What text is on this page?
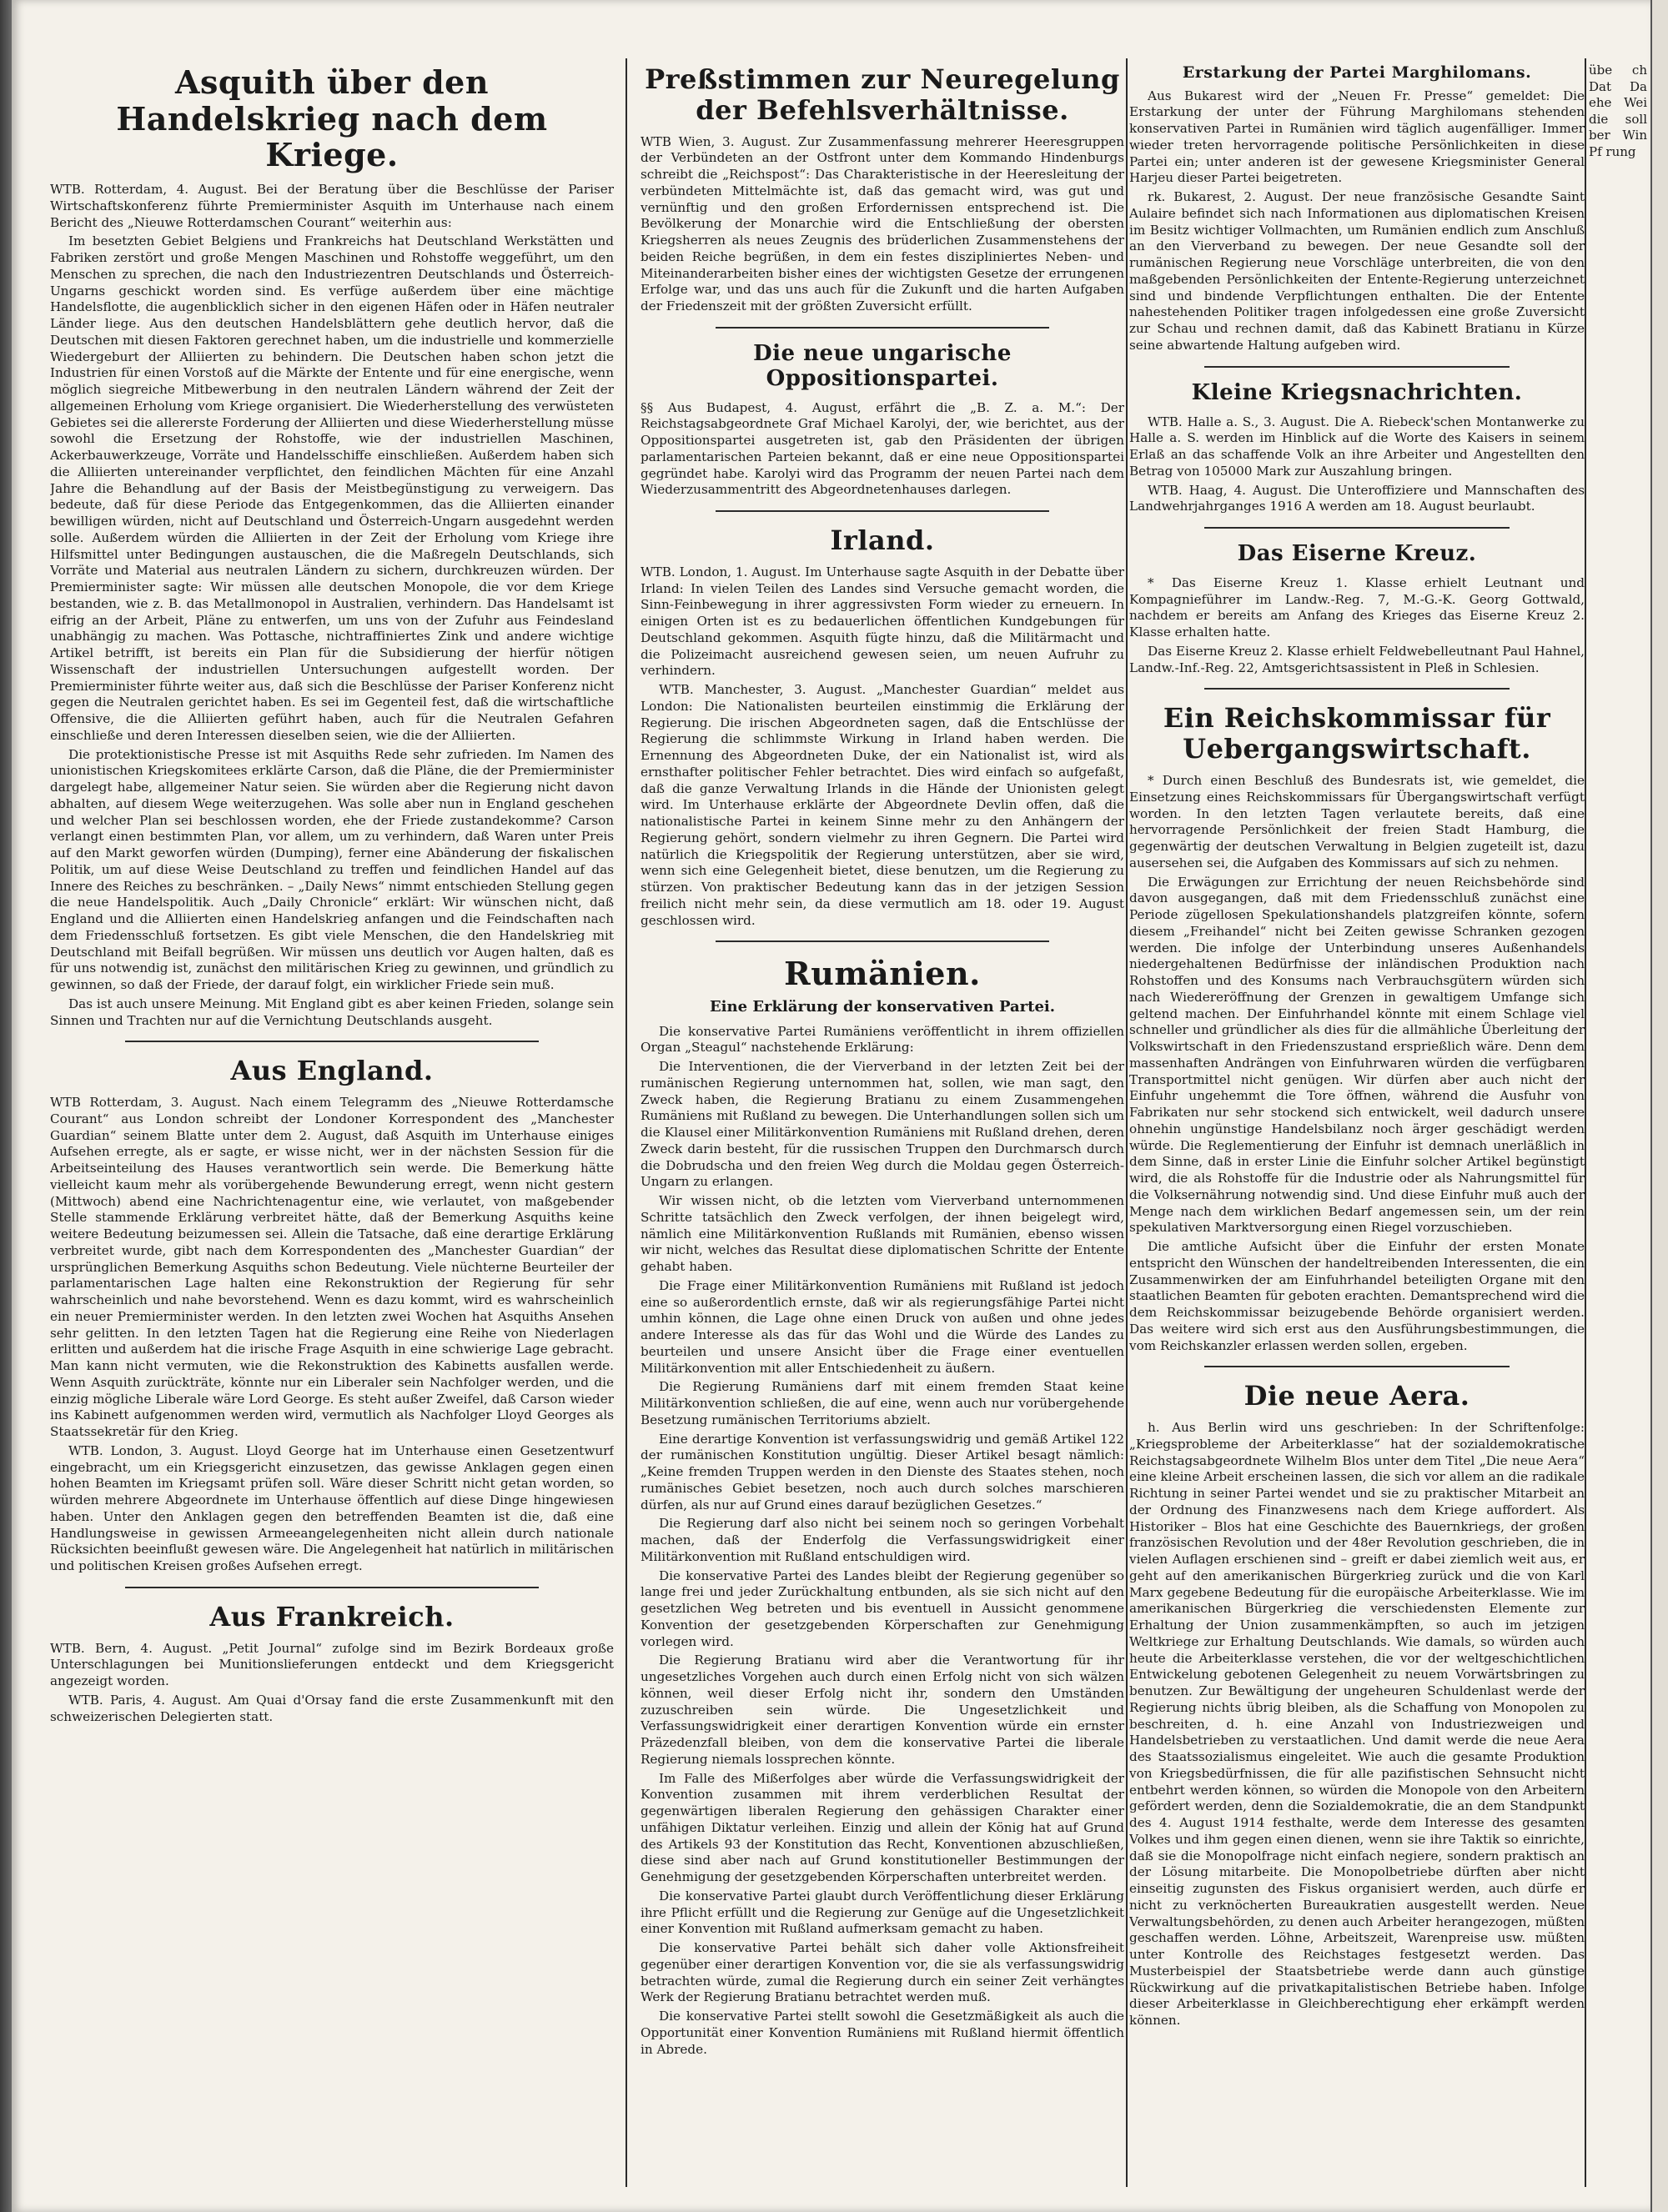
Asquith über den Handelskrieg nach dem Kriege.

WTB. Rotterdam, 4. August. Bei der Beratung über die Beschlüsse der Pariser Wirtschaftskonferenz führte Premierminister Asquith im Unterhause nach einem Bericht des „Nieuwe Rotterdamschen Courant“ weiterhin aus:

Im besetzten Gebiet Belgiens und Frankreichs hat Deutschland Werkstätten und Fabriken zerstört und große Mengen Maschinen und Rohstoffe weggeführt, um den Menschen zu sprechen, die nach den Industriezentren Deutschlands und Österreich-Ungarns geschickt worden sind. Es verfüge außerdem über eine mächtige Handelsflotte, die augenblicklich sicher in den eigenen Häfen oder in Häfen neutraler Länder liege. Aus den deutschen Handelsblättern gehe deutlich hervor, daß die Deutschen mit diesen Faktoren gerechnet haben, um die industrielle und kommerzielle Wiedergeburt der Alliierten zu behindern. Die Deutschen haben schon jetzt die Industrien für einen Vorstoß auf die Märkte der Entente und für eine energische, wenn möglich siegreiche Mitbewerbung in den neutralen Ländern während der Zeit der allgemeinen Erholung vom Kriege organisiert. Die Wiederherstellung des verwüsteten Gebietes sei die allererste Forderung der Alliierten und diese Wiederherstellung müsse sowohl die Ersetzung der Rohstoffe, wie der industriellen Maschinen, Ackerbauwerkzeuge, Vorräte und Handelsschiffe einschließen. Außerdem haben sich die Alliierten untereinander verpflichtet, den feindlichen Mächten für eine Anzahl Jahre die Behandlung auf der Basis der Meistbegünstigung zu verweigern. Das bedeute, daß für diese Periode das Entgegenkommen, das die Alliierten einander bewilligen würden, nicht auf Deutschland und Österreich-Ungarn ausgedehnt werden solle. Außerdem würden die Alliierten in der Zeit der Erholung vom Kriege ihre Hilfsmittel unter Bedingungen austauschen, die die Maßregeln Deutschlands, sich Vorräte und Material aus neutralen Ländern zu sichern, durchkreuzen würden. Der Premierminister sagte: Wir müssen alle deutschen Monopole, die vor dem Kriege bestanden, wie z. B. das Metallmonopol in Australien, verhindern. Das Handelsamt ist eifrig an der Arbeit, Pläne zu entwerfen, um uns von der Zufuhr aus Feindesland unabhängig zu machen. Was Pottasche, nichtraffiniertes Zink und andere wichtige Artikel betrifft, ist bereits ein Plan für die Subsidierung der hierfür nötigen Wissenschaft der industriellen Untersuchungen aufgestellt worden. Der Premierminister führte weiter aus, daß sich die Beschlüsse der Pariser Konferenz nicht gegen die Neutralen gerichtet haben. Es sei im Gegenteil fest, daß die wirtschaftliche Offensive, die die Alliierten geführt haben, auch für die Neutralen Gefahren einschließe und deren Interessen dieselben seien, wie die der Alliierten.

Die protektionistische Presse ist mit Asquiths Rede sehr zufrieden. Im Namen des unionistischen Kriegskomitees erklärte Carson, daß die Pläne, die der Premierminister dargelegt habe, allgemeiner Natur seien. Sie würden aber die Regierung nicht davon abhalten, auf diesem Wege weiterzugehen. Was solle aber nun in England geschehen und welcher Plan sei beschlossen worden, ehe der Friede zustandekomme? Carson verlangt einen bestimmten Plan, vor allem, um zu verhindern, daß Waren unter Preis auf den Markt geworfen würden (Dumping), ferner eine Abänderung der fiskalischen Politik, um auf diese Weise Deutschland zu treffen und feindlichen Handel auf das Innere des Reiches zu beschränken. – „Daily News“ nimmt entschieden Stellung gegen die neue Handelspolitik. Auch „Daily Chronicle“ erklärt: Wir wünschen nicht, daß England und die Alliierten einen Handelskrieg anfangen und die Feindschaften nach dem Friedensschluß fortsetzen. Es gibt viele Menschen, die den Handelskrieg mit Deutschland mit Beifall begrüßen. Wir müssen uns deutlich vor Augen halten, daß es für uns notwendig ist, zunächst den militärischen Krieg zu gewinnen, und gründlich zu gewinnen, so daß der Friede, der darauf folgt, ein wirklicher Friede sein muß.

Das ist auch unsere Meinung. Mit England gibt es aber keinen Frieden, solange sein Sinnen und Trachten nur auf die Vernichtung Deutschlands ausgeht.

Aus England.

WTB Rotterdam, 3. August. Nach einem Telegramm des „Nieuwe Rotterdamsche Courant“ aus London schreibt der Londoner Korrespondent des „Manchester Guardian“ seinem Blatte unter dem 2. August, daß Asquith im Unterhause einiges Aufsehen erregte, als er sagte, er wisse nicht, wer in der nächsten Session für die Arbeitseinteilung des Hauses verantwortlich sein werde. Die Bemerkung hätte vielleicht kaum mehr als vorübergehende Bewunderung erregt, wenn nicht gestern (Mittwoch) abend eine Nachrichtenagentur eine, wie verlautet, von maßgebender Stelle stammende Erklärung verbreitet hätte, daß der Bemerkung Asquiths keine weitere Bedeutung beizumessen sei. Allein die Tatsache, daß eine derartige Erklärung verbreitet wurde, gibt nach dem Korrespondenten des „Manchester Guardian“ der ursprünglichen Bemerkung Asquiths schon Bedeutung. Viele nüchterne Beurteiler der parlamentarischen Lage halten eine Rekonstruktion der Regierung für sehr wahrscheinlich und nahe bevorstehend. Wenn es dazu kommt, wird es wahrscheinlich ein neuer Premierminister werden. In den letzten zwei Wochen hat Asquiths Ansehen sehr gelitten. In den letzten Tagen hat die Regierung eine Reihe von Niederlagen erlitten und außerdem hat die irische Frage Asquith in eine schwierige Lage gebracht. Man kann nicht vermuten, wie die Rekonstruktion des Kabinetts ausfallen werde. Wenn Asquith zurückträte, könnte nur ein Liberaler sein Nachfolger werden, und die einzig mögliche Liberale wäre Lord George. Es steht außer Zweifel, daß Carson wieder ins Kabinett aufgenommen werden wird, vermutlich als Nachfolger Lloyd Georges als Staatssekretär für den Krieg.

WTB. London, 3. August. Lloyd George hat im Unterhause einen Gesetzentwurf eingebracht, um ein Kriegsgericht einzusetzen, das gewisse Anklagen gegen einen hohen Beamten im Kriegsamt prüfen soll. Wäre dieser Schritt nicht getan worden, so würden mehrere Abgeordnete im Unterhause öffentlich auf diese Dinge hingewiesen haben. Unter den Anklagen gegen den betreffenden Beamten ist die, daß eine Handlungsweise in gewissen Armeeangelegenheiten nicht allein durch nationale Rücksichten beeinflußt gewesen wäre. Die Angelegenheit hat natürlich in militärischen und politischen Kreisen großes Aufsehen erregt.

Aus Frankreich.

WTB. Bern, 4. August. „Petit Journal“ zufolge sind im Bezirk Bordeaux große Unterschlagungen bei Munitionslieferungen entdeckt und dem Kriegsgericht angezeigt worden.

WTB. Paris, 4. August. Am Quai d'Orsay fand die erste Zusammenkunft mit den schweizerischen Delegierten statt.

Preßstimmen zur Neuregelung der Befehlsverhältnisse.

WTB Wien, 3. August. Zur Zusammenfassung mehrerer Heeresgruppen der Verbündeten an der Ostfront unter dem Kommando Hindenburgs schreibt die „Reichspost“: Das Charakteristische in der Heeresleitung der verbündeten Mittelmächte ist, daß das gemacht wird, was gut und vernünftig und den großen Erfordernissen entsprechend ist. Die Bevölkerung der Monarchie wird die Entschließung der obersten Kriegsherren als neues Zeugnis des brüderlichen Zusammenstehens der beiden Reiche begrüßen, in dem ein festes diszipliniertes Neben- und Miteinanderarbeiten bisher eines der wichtigsten Gesetze der errungenen Erfolge war, und das uns auch für die Zukunft und die harten Aufgaben der Friedenszeit mit der größten Zuversicht erfüllt.

Die neue ungarische Oppositionspartei.

§§ Aus Budapest, 4. August, erfährt die „B. Z. a. M.“: Der Reichstagsabgeordnete Graf Michael Karolyi, der, wie berichtet, aus der Oppositionspartei ausgetreten ist, gab den Präsidenten der übrigen parlamentarischen Parteien bekannt, daß er eine neue Oppositionspartei gegründet habe. Karolyi wird das Programm der neuen Partei nach dem Wiederzusammentritt des Abgeordnetenhauses darlegen.

Irland.

WTB. London, 1. August. Im Unterhause sagte Asquith in der Debatte über Irland: In vielen Teilen des Landes sind Versuche gemacht worden, die Sinn-Feinbewegung in ihrer aggressivsten Form wieder zu erneuern. In einigen Orten ist es zu bedauerlichen öffentlichen Kundgebungen für Deutschland gekommen. Asquith fügte hinzu, daß die Militärmacht und die Polizeimacht ausreichend gewesen seien, um neuen Aufruhr zu verhindern.

WTB. Manchester, 3. August. „Manchester Guardian“ meldet aus London: Die Nationalisten beurteilen einstimmig die Erklärung der Regierung. Die irischen Abgeordneten sagen, daß die Entschlüsse der Regierung die schlimmste Wirkung in Irland haben werden. Die Ernennung des Abgeordneten Duke, der ein Nationalist ist, wird als ernsthafter politischer Fehler betrachtet. Dies wird einfach so aufgefaßt, daß die ganze Verwaltung Irlands in die Hände der Unionisten gelegt wird. Im Unterhause erklärte der Abgeordnete Devlin offen, daß die nationalistische Partei in keinem Sinne mehr zu den Anhängern der Regierung gehört, sondern vielmehr zu ihren Gegnern. Die Partei wird natürlich die Kriegspolitik der Regierung unterstützen, aber sie wird, wenn sich eine Gelegenheit bietet, diese benutzen, um die Regierung zu stürzen. Von praktischer Bedeutung kann das in der jetzigen Session freilich nicht mehr sein, da diese vermutlich am 18. oder 19. August geschlossen wird.

Rumänien.
Eine Erklärung der konservativen Partei.

Die konservative Partei Rumäniens veröffentlicht in ihrem offiziellen Organ „Steagul“ nachstehende Erklärung:

Die Interventionen, die der Vierverband in der letzten Zeit bei der rumänischen Regierung unternommen hat, sollen, wie man sagt, den Zweck haben, die Regierung Bratianu zu einem Zusammengehen Rumäniens mit Rußland zu bewegen. Die Unterhandlungen sollen sich um die Klausel einer Militärkonvention Rumäniens mit Rußland drehen, deren Zweck darin besteht, für die russischen Truppen den Durchmarsch durch die Dobrudscha und den freien Weg durch die Moldau gegen Österreich-Ungarn zu erlangen.

Wir wissen nicht, ob die letzten vom Vierverband unternommenen Schritte tatsächlich den Zweck verfolgen, der ihnen beigelegt wird, nämlich eine Militärkonvention Rußlands mit Rumänien, ebenso wissen wir nicht, welches das Resultat diese diplomatischen Schritte der Entente gehabt haben.

Die Frage einer Militärkonvention Rumäniens mit Rußland ist jedoch eine so außerordentlich ernste, daß wir als regierungsfähige Partei nicht umhin können, die Lage ohne einen Druck von außen und ohne jedes andere Interesse als das für das Wohl und die Würde des Landes zu beurteilen und unsere Ansicht über die Frage einer eventuellen Militärkonvention mit aller Entschiedenheit zu äußern.

Die Regierung Rumäniens darf mit einem fremden Staat keine Militärkonvention schließen, die auf eine, wenn auch nur vorübergehende Besetzung rumänischen Territoriums abzielt.

Eine derartige Konvention ist verfassungswidrig und gemäß Artikel 122 der rumänischen Konstitution ungültig. Dieser Artikel besagt nämlich: „Keine fremden Truppen werden in den Dienste des Staates stehen, noch rumänisches Gebiet besetzen, noch auch durch solches marschieren dürfen, als nur auf Grund eines darauf bezüglichen Gesetzes.“

Die Regierung darf also nicht bei seinem noch so geringen Vorbehalt machen, daß der Enderfolg die Verfassungswidrigkeit einer Militärkonvention mit Rußland entschuldigen wird.

Die konservative Partei des Landes bleibt der Regierung gegenüber so lange frei und jeder Zurückhaltung entbunden, als sie sich nicht auf den gesetzlichen Weg betreten und bis eventuell in Aussicht genommene Konvention der gesetzgebenden Körperschaften zur Genehmigung vorlegen wird.

Die Regierung Bratianu wird aber die Verantwortung für ihr ungesetzliches Vorgehen auch durch einen Erfolg nicht von sich wälzen können, weil dieser Erfolg nicht ihr, sondern den Umständen zuzuschreiben sein würde. Die Ungesetzlichkeit und Verfassungswidrigkeit einer derartigen Konvention würde ein ernster Präzedenzfall bleiben, von dem die konservative Partei die liberale Regierung niemals lossprechen könnte.

Im Falle des Mißerfolges aber würde die Verfassungswidrigkeit der Konvention zusammen mit ihrem verderblichen Resultat der gegenwärtigen liberalen Regierung den gehässigen Charakter einer unfähigen Diktatur verleihen. Einzig und allein der König hat auf Grund des Artikels 93 der Konstitution das Recht, Konventionen abzuschließen, diese sind aber nach auf Grund konstitutioneller Bestimmungen der Genehmigung der gesetzgebenden Körperschaften unterbreitet werden.

Die konservative Partei glaubt durch Veröffentlichung dieser Erklärung ihre Pflicht erfüllt und die Regierung zur Genüge auf die Ungesetzlichkeit einer Konvention mit Rußland aufmerksam gemacht zu haben.

Die konservative Partei behält sich daher volle Aktionsfreiheit gegenüber einer derartigen Konvention vor, die sie als verfassungswidrig betrachten würde, zumal die Regierung durch ein seiner Zeit verhängtes Werk der Regierung Bratianu betrachtet werden muß.

Die konservative Partei stellt sowohl die Gesetzmäßigkeit als auch die Opportunität einer Konvention Rumäniens mit Rußland hiermit öffentlich in Abrede.

Erstarkung der Partei Marghilomans.

Aus Bukarest wird der „Neuen Fr. Presse“ gemeldet: Die Erstarkung der unter der Führung Marghilomans stehenden konservativen Partei in Rumänien wird täglich augenfälliger. Immer wieder treten hervorragende politische Persönlichkeiten in diese Partei ein; unter anderen ist der gewesene Kriegsminister General Harjeu dieser Partei beigetreten.

rk. Bukarest, 2. August. Der neue französische Gesandte Saint Aulaire befindet sich nach Informationen aus diplomatischen Kreisen im Besitz wichtiger Vollmachten, um Rumänien endlich zum Anschluß an den Vierverband zu bewegen. Der neue Gesandte soll der rumänischen Regierung neue Vorschläge unterbreiten, die von den maßgebenden Persönlichkeiten der Entente-Regierung unterzeichnet sind und bindende Verpflichtungen enthalten. Die der Entente nahestehenden Politiker tragen infolgedessen eine große Zuversicht zur Schau und rechnen damit, daß das Kabinett Bratianu in Kürze seine abwartende Haltung aufgeben wird.

Kleine Kriegsnachrichten.

WTB. Halle a. S., 3. August. Die A. Riebeck'schen Montanwerke zu Halle a. S. werden im Hinblick auf die Worte des Kaisers in seinem Erlaß an das schaffende Volk an ihre Arbeiter und Angestellten den Betrag von 105000 Mark zur Auszahlung bringen.

WTB. Haag, 4. August. Die Unteroffiziere und Mannschaften des Landwehrjahrganges 1916 A werden am 18. August beurlaubt.

Das Eiserne Kreuz.

* Das Eiserne Kreuz 1. Klasse erhielt Leutnant und Kompagnieführer im Landw.-Reg. 7, M.-G.-K. Georg Gottwald, nachdem er bereits am Anfang des Krieges das Eiserne Kreuz 2. Klasse erhalten hatte.

Das Eiserne Kreuz 2. Klasse erhielt Feldwebelleutnant Paul Hahnel, Landw.-Inf.-Reg. 22, Amtsgerichtsassistent in Pleß in Schlesien.

Ein Reichskommissar für Uebergangswirtschaft.

* Durch einen Beschluß des Bundesrats ist, wie gemeldet, die Einsetzung eines Reichskommissars für Übergangswirtschaft verfügt worden. In den letzten Tagen verlautete bereits, daß eine hervorragende Persönlichkeit der freien Stadt Hamburg, die gegenwärtig der deutschen Verwaltung in Belgien zugeteilt ist, dazu ausersehen sei, die Aufgaben des Kommissars auf sich zu nehmen.

Die Erwägungen zur Errichtung der neuen Reichsbehörde sind davon ausgegangen, daß mit dem Friedensschluß zunächst eine Periode zügellosen Spekulationshandels platzgreifen könnte, sofern diesem „Freihandel“ nicht bei Zeiten gewisse Schranken gezogen werden. Die infolge der Unterbindung unseres Außenhandels niedergehaltenen Bedürfnisse der inländischen Produktion nach Rohstoffen und des Konsums nach Verbrauchsgütern würden sich nach Wiedereröffnung der Grenzen in gewaltigem Umfange sich geltend machen. Der Einfuhrhandel könnte mit einem Schlage viel schneller und gründlicher als dies für die allmähliche Überleitung der Volkswirtschaft in den Friedenszustand ersprießlich wäre. Denn dem massenhaften Andrängen von Einfuhrwaren würden die verfügbaren Transportmittel nicht genügen. Wir dürfen aber auch nicht der Einfuhr ungehemmt die Tore öffnen, während die Ausfuhr von Fabrikaten nur sehr stockend sich entwickelt, weil dadurch unsere ohnehin ungünstige Handelsbilanz noch ärger geschädigt werden würde. Die Reglementierung der Einfuhr ist demnach unerläßlich in dem Sinne, daß in erster Linie die Einfuhr solcher Artikel begünstigt wird, die als Rohstoffe für die Industrie oder als Nahrungsmittel für die Volksernährung notwendig sind. Und diese Einfuhr muß auch der Menge nach dem wirklichen Bedarf angemessen sein, um der rein spekulativen Marktversorgung einen Riegel vorzuschieben.

Die amtliche Aufsicht über die Einfuhr der ersten Monate entspricht den Wünschen der handeltreibenden Interessenten, die ein Zusammenwirken der am Einfuhrhandel beteiligten Organe mit den staatlichen Beamten für geboten erachten. Demantsprechend wird die dem Reichskommissar beizugebende Behörde organisiert werden. Das weitere wird sich erst aus den Ausführungsbestimmungen, die vom Reichskanzler erlassen werden sollen, ergeben.

Die neue Aera.

h. Aus Berlin wird uns geschrieben: In der Schriftenfolge: „Kriegsprobleme der Arbeiterklasse“ hat der sozialdemokratische Reichstagsabgeordnete Wilhelm Blos unter dem Titel „Die neue Aera“ eine kleine Arbeit erscheinen lassen, die sich vor allem an die radikale Richtung in seiner Partei wendet und sie zu praktischer Mitarbeit an der Ordnung des Finanzwesens nach dem Kriege auffordert. Als Historiker – Blos hat eine Geschichte des Bauernkriegs, der großen französischen Revolution und der 48er Revolution geschrieben, die in vielen Auflagen erschienen sind – greift er dabei ziemlich weit aus, er geht auf den amerikanischen Bürgerkrieg zurück und die von Karl Marx gegebene Bedeutung für die europäische Arbeiterklasse. Wie im amerikanischen Bürgerkrieg die verschiedensten Elemente zur Erhaltung der Union zusammenkämpften, so auch im jetzigen Weltkriege zur Erhaltung Deutschlands. Wie damals, so würden auch heute die Arbeiterklasse verstehen, die vor der weltgeschichtlichen Entwickelung gebotenen Gelegenheit zu neuem Vorwärtsbringen zu benutzen. Zur Bewältigung der ungeheuren Schuldenlast werde der Regierung nichts übrig bleiben, als die Schaffung von Monopolen zu beschreiten, d. h. eine Anzahl von Industriezweigen und Handelsbetrieben zu verstaatlichen. Und damit werde die neue Aera des Staatssozialismus eingeleitet. Wie auch die gesamte Produktion von Kriegsbedürfnissen, die für alle pazifistischen Sehnsucht nicht entbehrt werden können, so würden die Monopole von den Arbeitern gefördert werden, denn die Sozialdemokratie, die an dem Standpunkt des 4. August 1914 festhalte, werde dem Interesse des gesamten Volkes und ihm gegen einen dienen, wenn sie ihre Taktik so einrichte, daß sie die Monopolfrage nicht einfach negiere, sondern praktisch an der Lösung mitarbeite. Die Monopolbetriebe dürften aber nicht einseitig zugunsten des Fiskus organisiert werden, auch dürfe er nicht zu verknöcherten Bureaukratien ausgestellt werden. Neue Verwaltungsbehörden, zu denen auch Arbeiter herangezogen, müßten geschaffen werden. Löhne, Arbeitszeit, Warenpreise usw. müßten unter Kontrolle des Reichstages festgesetzt werden. Das Musterbeispiel der Staatsbetriebe werde dann auch günstige Rückwirkung auf die privatkapitalistischen Betriebe haben. Infolge dieser Arbeiterklasse in Gleichberechtigung eher erkämpft werden können.

übe ch Dat Da ehe Wei die soll ber Win Pf rung
